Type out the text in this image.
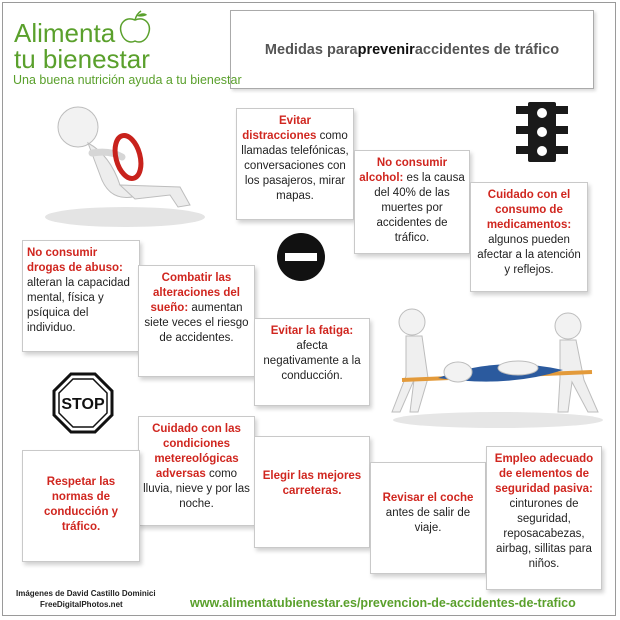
Alimenta
tu bienestar
Una buena nutrición ayuda a tu bienestar
Medidas para prevenir accidentes de tráfico
STOP
Evitar distracciones como llamadas telefónicas, conversaciones con los pasajeros, mirar mapas.
No consumir alcohol: es la causa del 40% de las muertes por accidentes de tráfico.
Cuidado con el consumo de medicamentos: algunos pueden afectar a la atención y reflejos.
No consumir drogas de abuso: alteran la capacidad mental, física y psíquica del individuo.
Combatir las alteraciones del sueño: aumentan siete veces el riesgo de accidentes.
Evitar la fatiga: afecta negativamente a la conducción.
Cuidado con las condiciones metereológicas adversas como lluvia, nieve y por las noche.
Respetar las normas de conducción y tráfico.
Elegir las mejores carreteras.
Revisar el coche
antes de salir de viaje.
Empleo adecuado de elementos de seguridad pasiva: cinturones de seguridad, reposacabezas, airbag, sillitas para niños.
Imágenes de David Castillo Dominici
FreeDigitalPhotos.net	www.alimentatubienestar.es/prevencion-de-accidentes-de-trafico
